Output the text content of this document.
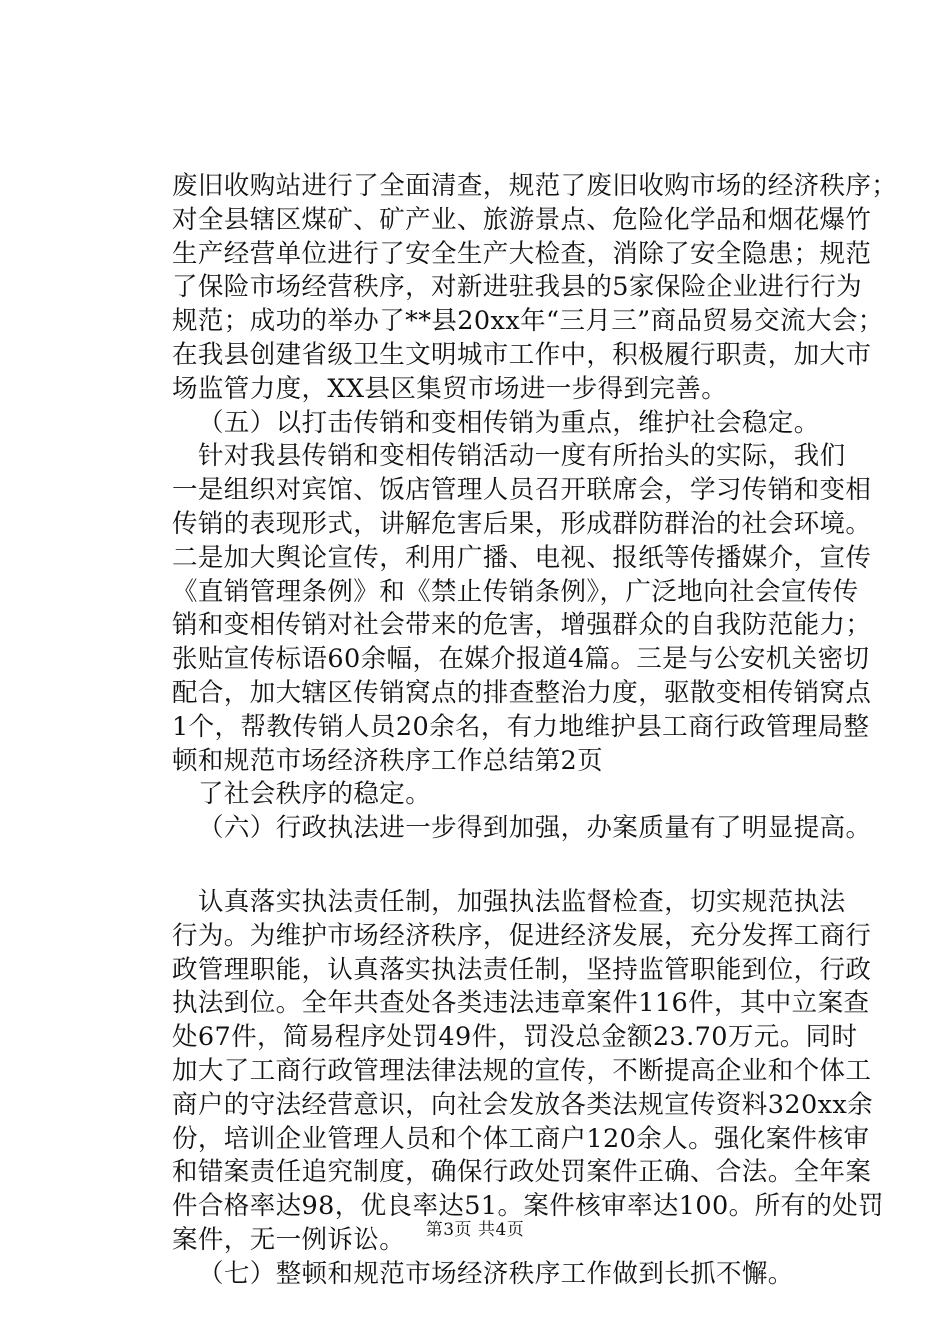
废旧收购站进行了全面清查，规范了废旧收购市场的经济秩序；
对全县辖区煤矿、矿产业、旅游景点、危险化学品和烟花爆竹
生产经营单位进行了安全生产大检查，消除了安全隐患；规范
了保险市场经营秩序，对新进驻我县的5家保险企业进行行为
规范；成功的举办了**县20xx年“三月三”商品贸易交流大会；
在我县创建省级卫生文明城市工作中，积极履行职责，加大市
场监管力度，XX县区集贸市场进一步得到完善。
（五）以打击传销和变相传销为重点，维护社会稳定。
针对我县传销和变相传销活动一度有所抬头的实际，我们
一是组织对宾馆、饭店管理人员召开联席会，学习传销和变相
传销的表现形式，讲解危害后果，形成群防群治的社会环境。
二是加大舆论宣传，利用广播、电视、报纸等传播媒介，宣传
《直销管理条例》和《禁止传销条例》，广泛地向社会宣传传
销和变相传销对社会带来的危害，增强群众的自我防范能力；
张贴宣传标语60余幅，在媒介报道4篇。三是与公安机关密切
配合，加大辖区传销窝点的排查整治力度，驱散变相传销窝点
1个，帮教传销人员20余名，有力地维护县工商行政管理局整
顿和规范市场经济秩序工作总结第2页
了社会秩序的稳定。
（六）行政执法进一步得到加强，办案质量有了明显提高。
认真落实执法责任制，加强执法监督检查，切实规范执法
行为。为维护市场经济秩序，促进经济发展，充分发挥工商行
政管理职能，认真落实执法责任制，坚持监管职能到位，行政
执法到位。全年共查处各类违法违章案件116件，其中立案查
处67件，简易程序处罚49件，罚没总金额23.70万元。同时
加大了工商行政管理法律法规的宣传，不断提高企业和个体工
商户的守法经营意识，向社会发放各类法规宣传资料320xx余
份，培训企业管理人员和个体工商户120余人。强化案件核审
和错案责任追究制度，确保行政处罚案件正确、合法。全年案
件合格率达98，优良率达51。案件核审率达100。所有的处罚
案件，无一例诉讼。
（七）整顿和规范市场经济秩序工作做到长抓不懈。
第3页 共4页
